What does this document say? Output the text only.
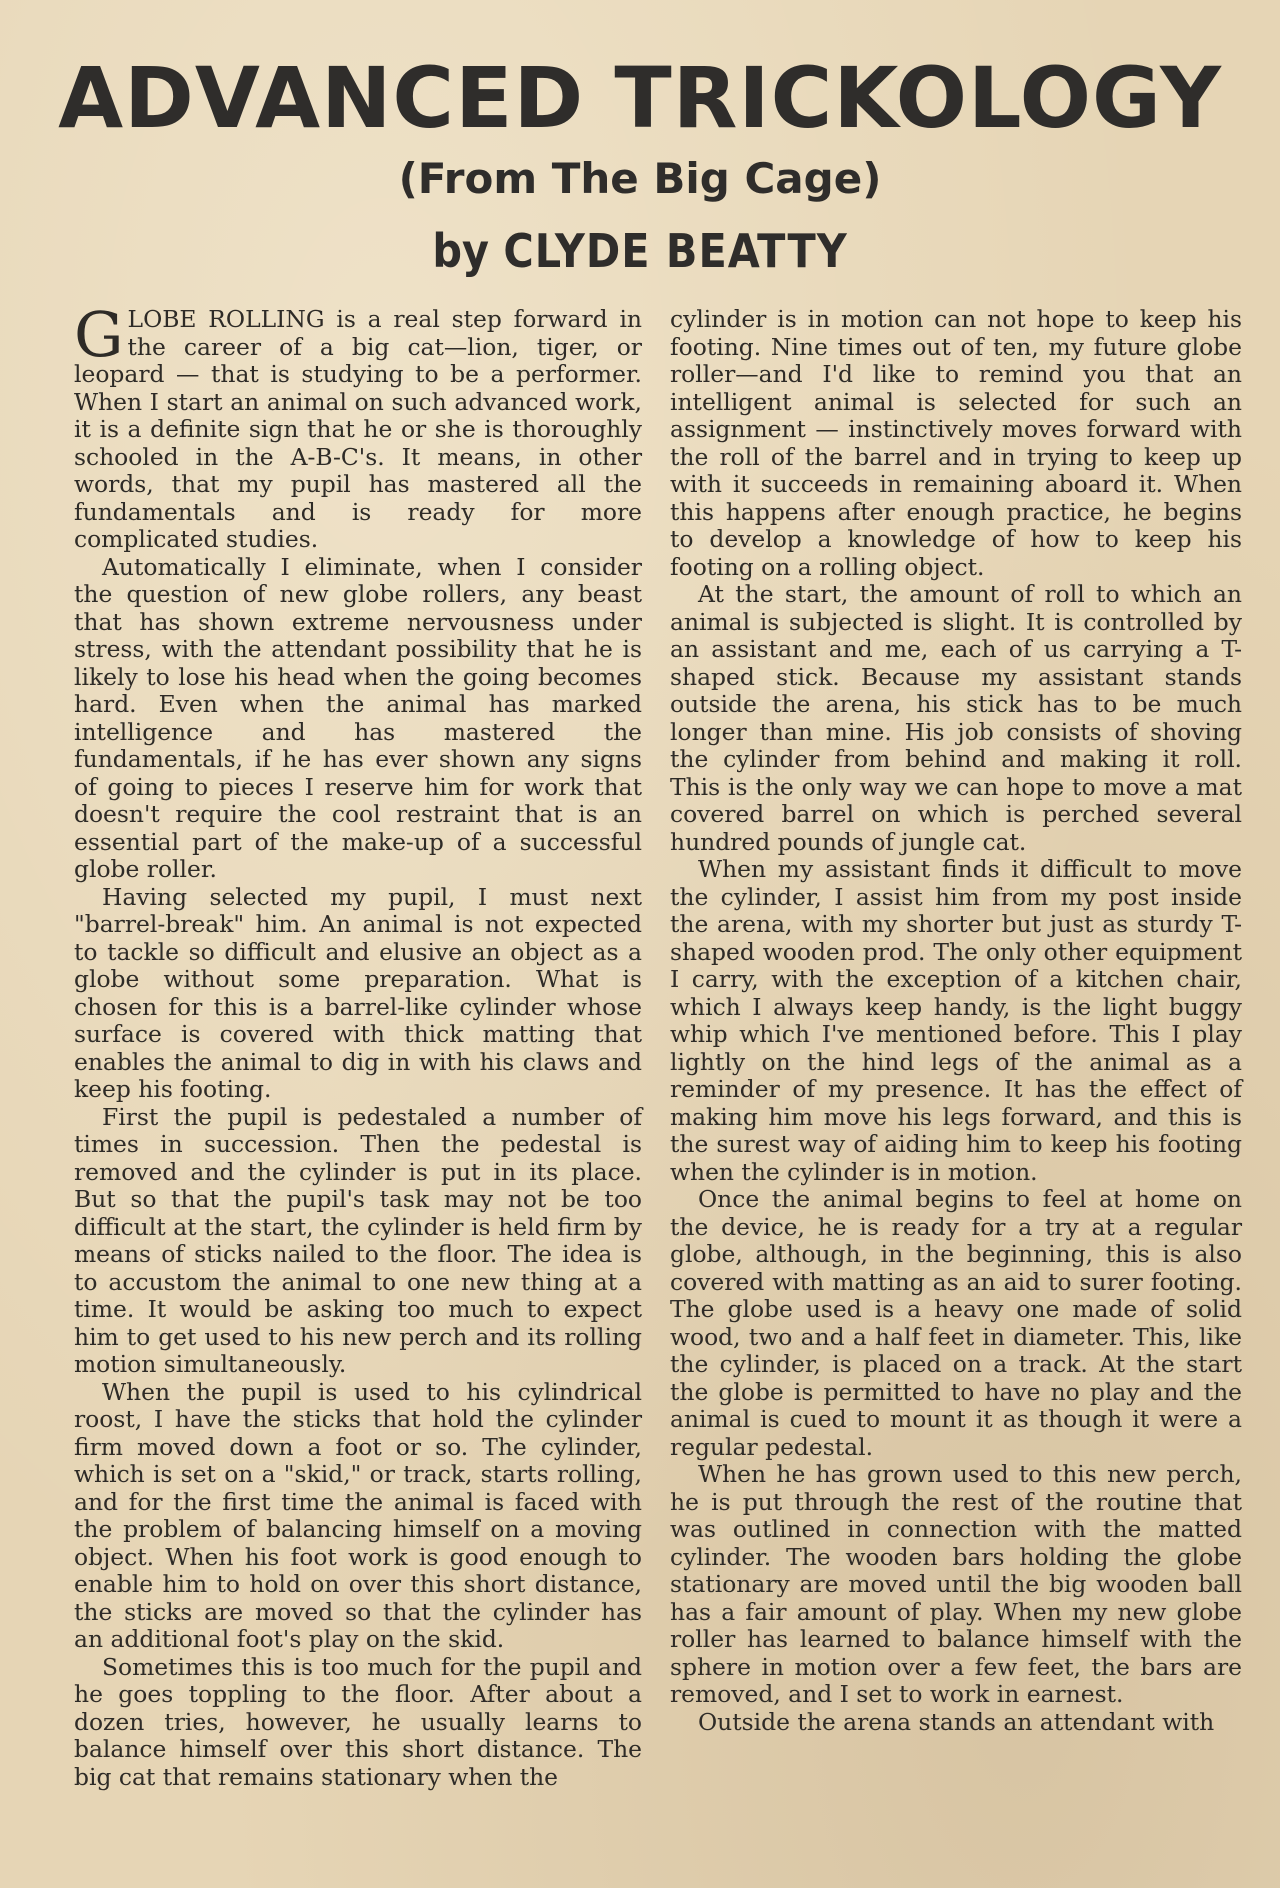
ADVANCED TRICKOLOGY
(From The Big Cage)
by CLYDE BEATTY

GLOBE ROLLING is a real step forward in the career of a big cat—lion, tiger, or leopard — that is studying to be a performer. When I start an animal on such advanced work, it is a definite sign that he or she is thoroughly schooled in the A-B-C's. It means, in other words, that my pupil has mastered all the fundamentals and is ready for more complicated studies.

Automatically I eliminate, when I consider the question of new globe rollers, any beast that has shown extreme nervousness under stress, with the attendant possibility that he is likely to lose his head when the going becomes hard. Even when the animal has marked intelligence and has mastered the fundamentals, if he has ever shown any signs of going to pieces I reserve him for work that doesn't require the cool restraint that is an essential part of the make-up of a successful globe roller.

Having selected my pupil, I must next "barrel-break" him. An animal is not expected to tackle so difficult and elusive an object as a globe without some preparation. What is chosen for this is a barrel-like cylinder whose surface is covered with thick matting that enables the animal to dig in with his claws and keep his footing.

First the pupil is pedestaled a number of times in succession. Then the pedestal is removed and the cylinder is put in its place. But so that the pupil's task may not be too difficult at the start, the cylinder is held firm by means of sticks nailed to the floor. The idea is to accustom the animal to one new thing at a time. It would be asking too much to expect him to get used to his new perch and its rolling motion simultaneously.

When the pupil is used to his cylindrical roost, I have the sticks that hold the cylinder firm moved down a foot or so. The cylinder, which is set on a "skid," or track, starts rolling, and for the first time the animal is faced with the problem of balancing himself on a moving object. When his foot work is good enough to enable him to hold on over this short distance, the sticks are moved so that the cylinder has an additional foot's play on the skid.

Sometimes this is too much for the pupil and he goes toppling to the floor. After about a dozen tries, however, he usually learns to balance himself over this short distance. The big cat that remains stationary when the

cylinder is in motion can not hope to keep his footing. Nine times out of ten, my future globe roller—and I'd like to remind you that an intelligent animal is selected for such an assignment — instinctively moves forward with the roll of the barrel and in trying to keep up with it succeeds in remaining aboard it. When this happens after enough practice, he begins to develop a knowledge of how to keep his footing on a rolling object.

At the start, the amount of roll to which an animal is subjected is slight. It is controlled by an assistant and me, each of us carrying a T-shaped stick. Because my assistant stands outside the arena, his stick has to be much longer than mine. His job consists of shoving the cylinder from behind and making it roll. This is the only way we can hope to move a mat covered barrel on which is perched several hundred pounds of jungle cat.

When my assistant finds it difficult to move the cylinder, I assist him from my post inside the arena, with my shorter but just as sturdy T-shaped wooden prod. The only other equipment I carry, with the exception of a kitchen chair, which I always keep handy, is the light buggy whip which I've mentioned before. This I play lightly on the hind legs of the animal as a reminder of my presence. It has the effect of making him move his legs forward, and this is the surest way of aiding him to keep his footing when the cylinder is in motion.

Once the animal begins to feel at home on the device, he is ready for a try at a regular globe, although, in the beginning, this is also covered with matting as an aid to surer footing. The globe used is a heavy one made of solid wood, two and a half feet in diameter. This, like the cylinder, is placed on a track. At the start the globe is permitted to have no play and the animal is cued to mount it as though it were a regular pedestal.

When he has grown used to this new perch, he is put through the rest of the routine that was outlined in connection with the matted cylinder. The wooden bars holding the globe stationary are moved until the big wooden ball has a fair amount of play. When my new globe roller has learned to balance himself with the sphere in motion over a few feet, the bars are removed, and I set to work in earnest.

Outside the arena stands an attendant with
